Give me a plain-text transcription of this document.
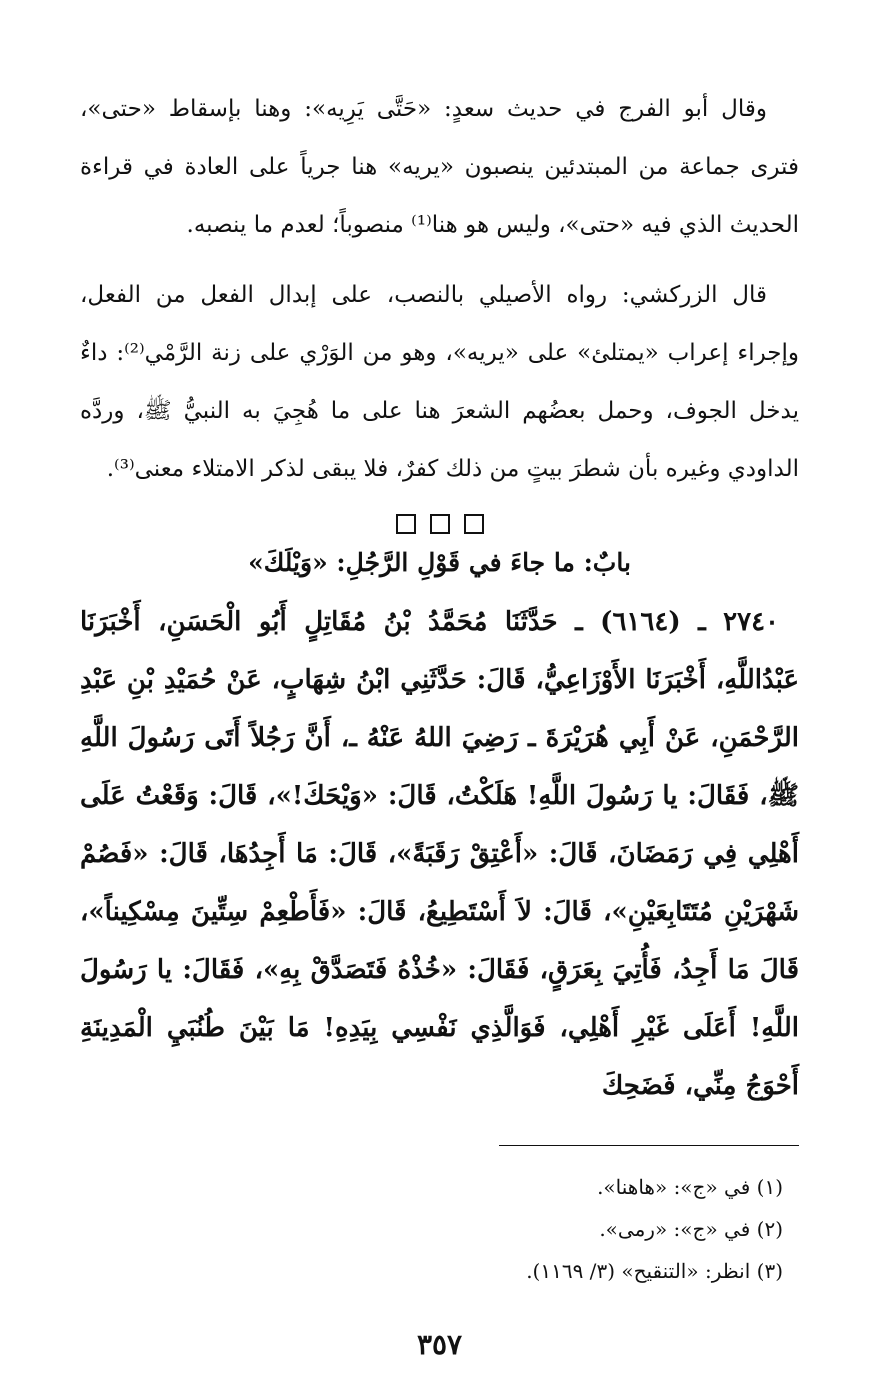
وقال أبو الفرج في حديث سعدٍ: «حَتَّى يَرِيه»: وهنا بإسقاط «حتى»، فترى جماعة من المبتدئين ينصبون «يريه» هنا جرياً على العادة في قراءة الحديث الذي فيه «حتى»، وليس هو هنا⁽¹⁾ منصوباً؛ لعدم ما ينصبه.

قال الزركشي: رواه الأصيلي بالنصب، على إبدال الفعل من الفعل، وإجراء إعراب «يمتلئ» على «يريه»، وهو من الوَرْي على زنة الرَّمْي⁽²⁾: داءٌ يدخل الجوف، وحمل بعضُهم الشعرَ هنا على ما هُجِيَ به النبيُّ ﷺ، وردَّه الداودي وغيره بأن شطرَ بيتٍ من ذلك كفرٌ، فلا يبقى لذكر الامتلاء معنى⁽³⁾.

بابٌ: ما جاءَ في قَوْلِ الرَّجُلِ: «وَيْلَكَ»

٢٧٤٠ ـ (٦١٦٤) ـ حَدَّثَنَا مُحَمَّدُ بْنُ مُقَاتِلٍ أَبُو الْحَسَنِ، أَخْبَرَنَا عَبْدُاللَّهِ، أَخْبَرَنَا الأَوْزَاعِيُّ، قَالَ: حَدَّثَنِي ابْنُ شِهَابٍ، عَنْ حُمَيْدِ بْنِ عَبْدِ الرَّحْمَنِ، عَنْ أَبِي هُرَيْرَةَ ـ رَضِيَ اللهُ عَنْهُ ـ، أَنَّ رَجُلاً أَتَى رَسُولَ اللَّهِ ﷺ، فَقَالَ: يا رَسُولَ اللَّهِ! هَلَكْتُ، قَالَ: «وَيْحَكَ!»، قَالَ: وَقَعْتُ عَلَى أَهْلِي فِي رَمَضَانَ، قَالَ: «أَعْتِقْ رَقَبَةً»، قَالَ: مَا أَجِدُهَا، قَالَ: «فَصُمْ شَهْرَيْنِ مُتَتَابِعَيْنِ»، قَالَ: لاَ أَسْتَطِيعُ، قَالَ: «فَأَطْعِمْ سِتِّينَ مِسْكِيناً»، قَالَ مَا أَجِدُ، فَأُتِيَ بِعَرَقٍ، فَقَالَ: «خُذْهُ فَتَصَدَّقْ بِهِ»، فَقَالَ: يا رَسُولَ اللَّهِ! أَعَلَى غَيْرِ أَهْلِي، فَوَالَّذِي نَفْسِي بِيَدِهِ! مَا بَيْنَ طُنُبَيِ الْمَدِينَةِ أَحْوَجُ مِنِّي، فَضَحِكَ

(١) في «ج»: «هاهنا».
(٢) في «ج»: «رمى».
(٣) انظر: «التنقيح» (٣/ ١١٦٩).
٣٥٧
